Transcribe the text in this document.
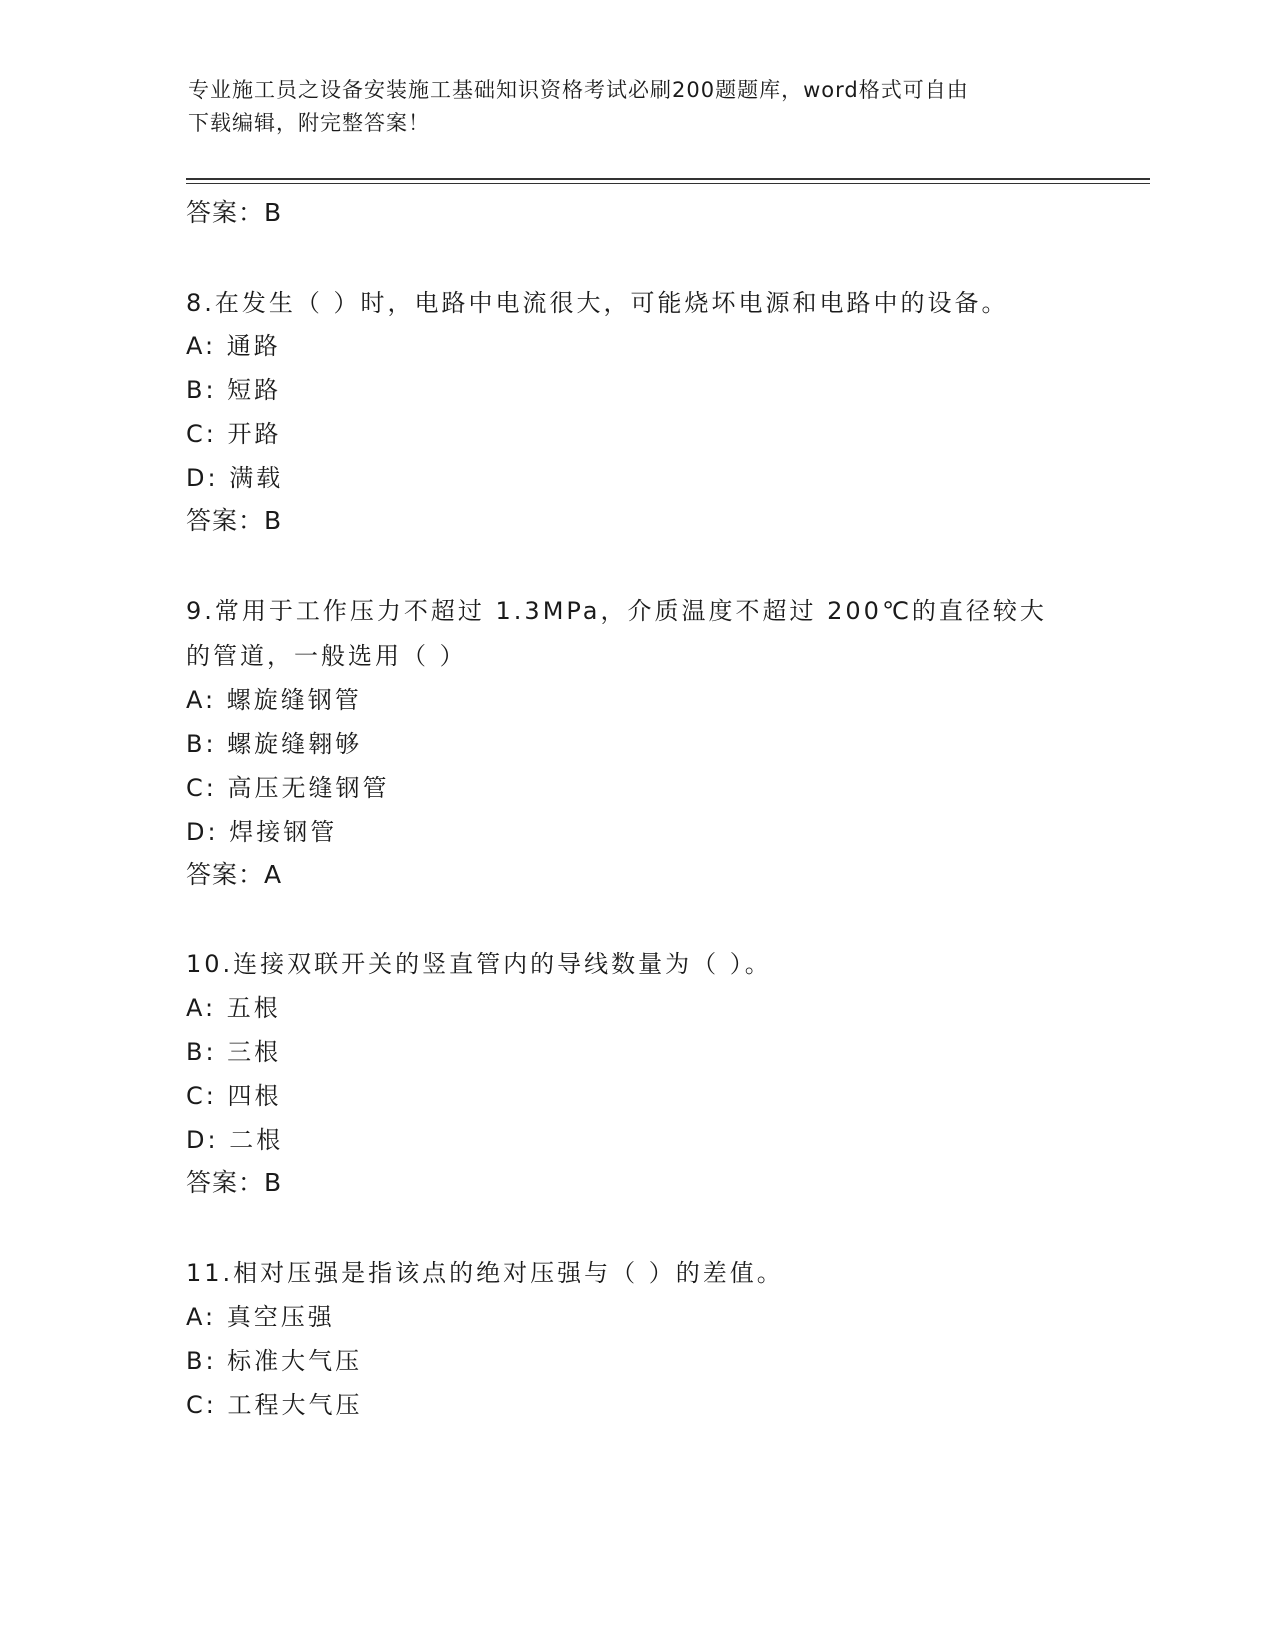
专业施工员之设备安装施工基础知识资格考试必刷200题题库，word格式可自由
下载编辑，附完整答案！
答案：B
8.在发生（ ）时，电路中电流很大，可能烧坏电源和电路中的设备。
A: 通路
B: 短路
C: 开路
D: 满载
答案：B
9.常用于工作压力不超过 1.3MPa，介质温度不超过 200℃的直径较大
的管道，一般选用（ ）
A: 螺旋缝钢管
B: 螺旋缝翱够
C: 高压无缝钢管
D: 焊接钢管
答案：A
10.连接双联开关的竖直管内的导线数量为（ ）。
A: 五根
B: 三根
C: 四根
D: 二根
答案：B
11.相对压强是指该点的绝对压强与（ ）的差值。
A: 真空压强
B: 标准大气压
C: 工程大气压
